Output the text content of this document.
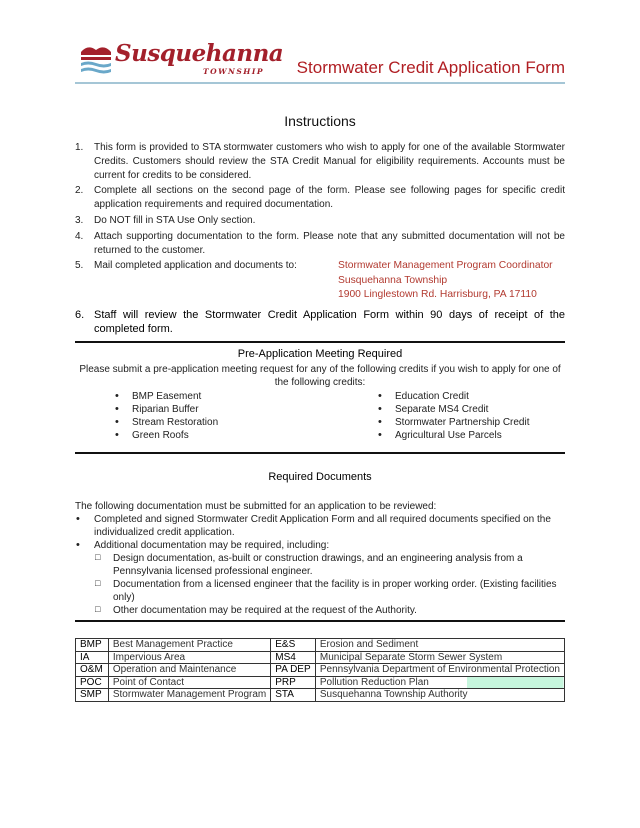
Susquehanna
TOWNSHIP Stormwater Credit Application Form
Instructions
1. This form is provided to STA stormwater customers who wish to apply for one of the available Stormwater Credits. Customers should review the STA Credit Manual for eligibility requirements. Accounts must be current for credits to be considered.
2. Complete all sections on the second page of the form. Please see following pages for specific credit application requirements and required documentation.
3. Do NOT fill in STA Use Only section.
4. Attach supporting documentation to the form. Please note that any submitted documentation will not be returned to the customer.
5. Mail completed application and documents to:	Stormwater Management Program Coordinator
Susquehanna Township
1900 Linglestown Rd. Harrisburg, PA 17110
6. Staff will review the Stormwater Credit Application Form within 90 days of receipt of the completed form.
Pre-Application Meeting Required
Please submit a pre-application meeting request for any of the following credits if you wish to apply for one of the following credits:
• BMP Easement
• Riparian Buffer
• Stream Restoration
• Green Roofs
• Education Credit
• Separate MS4 Credit
• Stormwater Partnership Credit
• Agricultural Use Parcels
Required Documents
The following documentation must be submitted for an application to be reviewed:
• Completed and signed Stormwater Credit Application Form and all required documents specified on the individualized credit application.
• Additional documentation may be required, including:
□ Design documentation, as-built or construction drawings, and an engineering analysis from a Pennsylvania licensed professional engineer.
□ Documentation from a licensed engineer that the facility is in proper working order. (Existing facilities only)
□ Other documentation may be required at the request of the Authority.
BMP	Best Management Practice	E&S	Erosion and Sediment
IA	Impervious Area	MS4	Municipal Separate Storm Sewer System
O&M	Operation and Maintenance	PA DEP	Pennsylvania Department of Environmental Protection
POC	Point of Contact	PRP	Pollution Reduction Plan
SMP	Stormwater Management Program	STA	Susquehanna Township Authority
